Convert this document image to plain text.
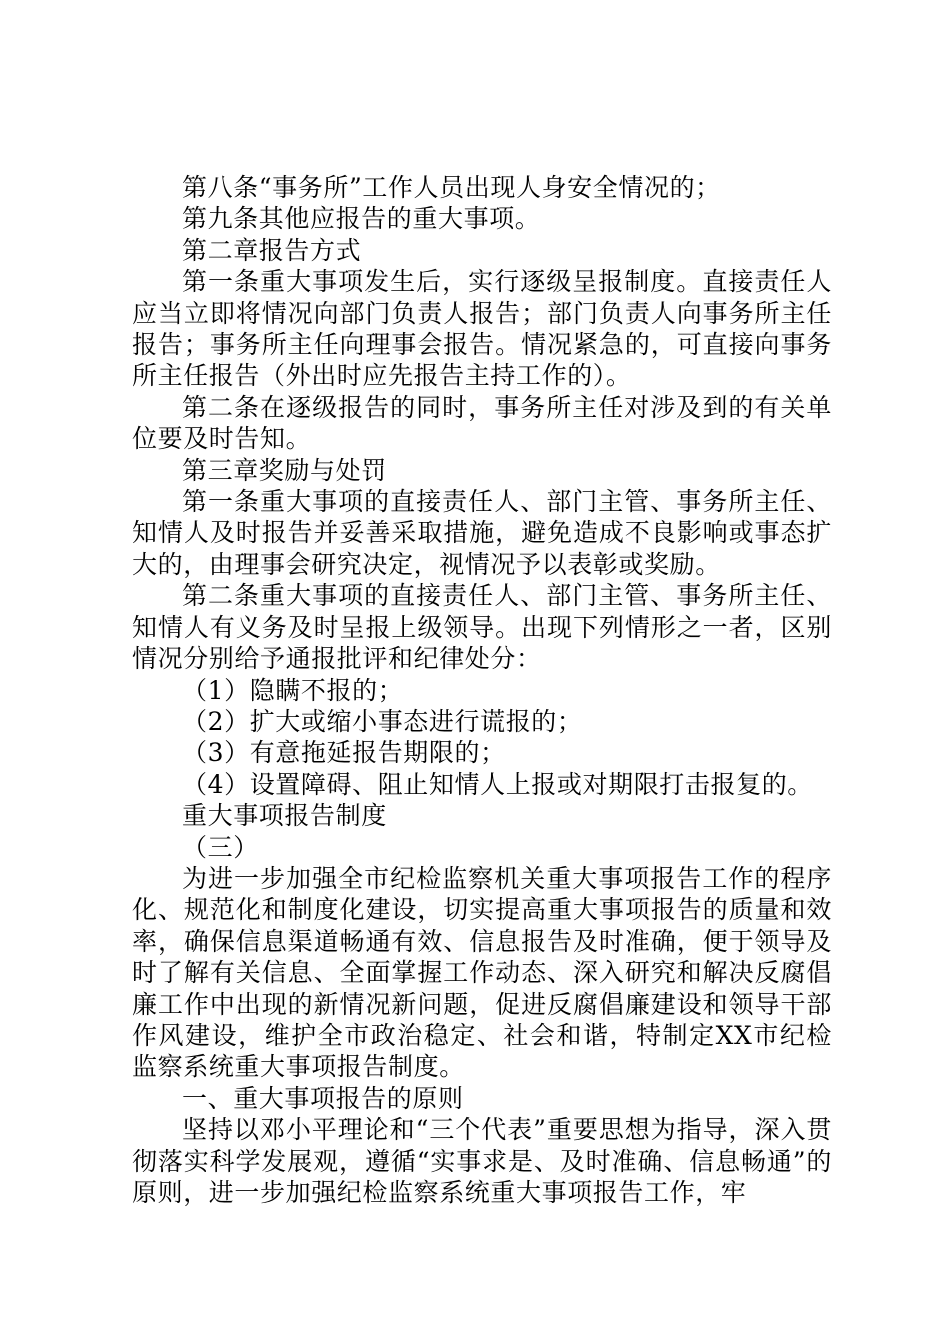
第八条“事务所”工作人员出现人身安全情况的；

第九条其他应报告的重大事项。

第二章报告方式

第一条重大事项发生后，实行逐级呈报制度。直接责任人应当立即将情况向部门负责人报告；部门负责人向事务所主任报告；事务所主任向理事会报告。情况紧急的，可直接向事务所主任报告（外出时应先报告主持工作的）。

第二条在逐级报告的同时，事务所主任对涉及到的有关单位要及时告知。

第三章奖励与处罚

第一条重大事项的直接责任人、部门主管、事务所主任、知情人及时报告并妥善采取措施，避免造成不良影响或事态扩大的，由理事会研究决定，视情况予以表彰或奖励。

第二条重大事项的直接责任人、部门主管、事务所主任、知情人有义务及时呈报上级领导。出现下列情形之一者，区别情况分别给予通报批评和纪律处分：

（1）隐瞒不报的；

（2）扩大或缩小事态进行谎报的；

（3）有意拖延报告期限的；

（4）设置障碍、阻止知情人上报或对期限打击报复的。

重大事项报告制度

（三）

为进一步加强全市纪检监察机关重大事项报告工作的程序化、规范化和制度化建设，切实提高重大事项报告的质量和效率，确保信息渠道畅通有效、信息报告及时准确，便于领导及时了解有关信息、全面掌握工作动态、深入研究和解决反腐倡廉工作中出现的新情况新问题，促进反腐倡廉建设和领导干部作风建设，维护全市政治稳定、社会和谐，特制定XX市纪检监察系统重大事项报告制度。

一、重大事项报告的原则

坚持以邓小平理论和“三个代表”重要思想为指导，深入贯彻落实科学发展观，遵循“实事求是、及时准确、信息畅通”的原则，进一步加强纪检监察系统重大事项报告工作，牢
